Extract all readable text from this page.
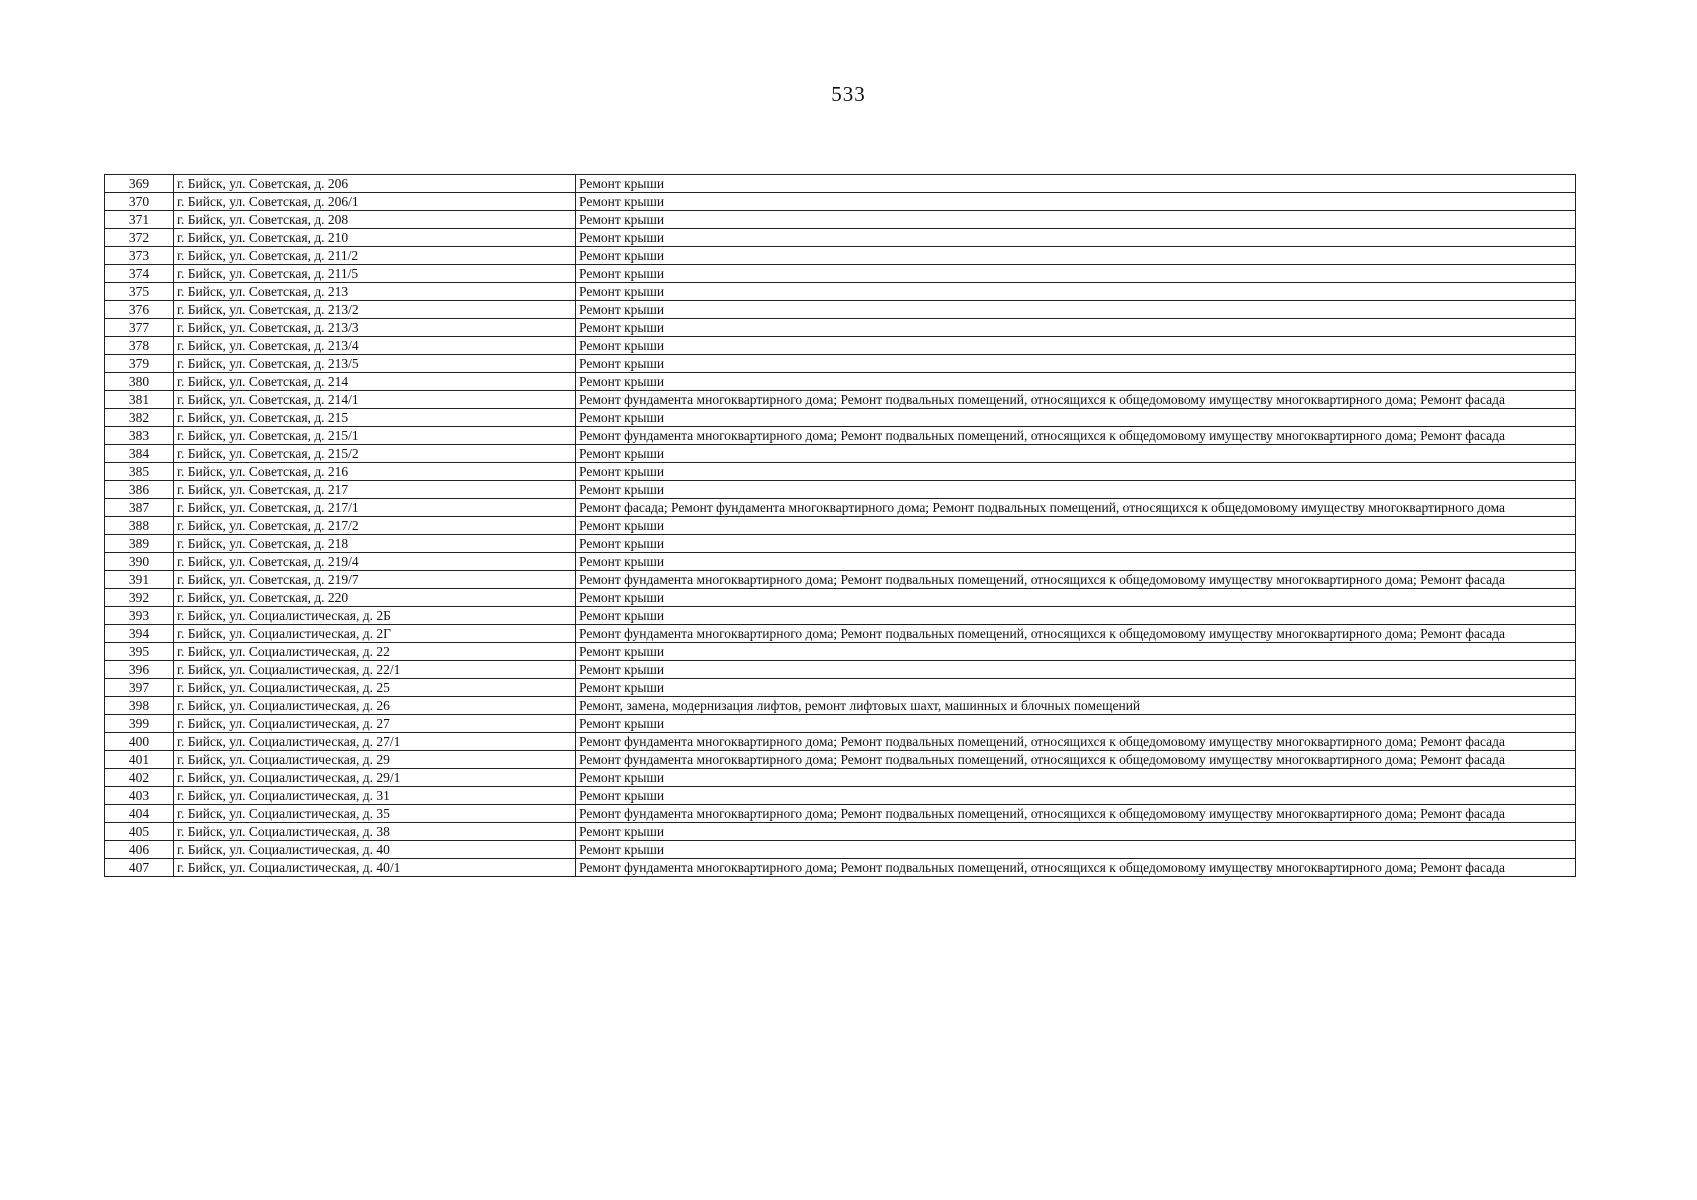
533
369	г. Бийск, ул. Советская, д. 206	Ремонт крыши
370	г. Бийск, ул. Советская, д. 206/1	Ремонт крыши
371	г. Бийск, ул. Советская, д. 208	Ремонт крыши
372	г. Бийск, ул. Советская, д. 210	Ремонт крыши
373	г. Бийск, ул. Советская, д. 211/2	Ремонт крыши
374	г. Бийск, ул. Советская, д. 211/5	Ремонт крыши
375	г. Бийск, ул. Советская, д. 213	Ремонт крыши
376	г. Бийск, ул. Советская, д. 213/2	Ремонт крыши
377	г. Бийск, ул. Советская, д. 213/3	Ремонт крыши
378	г. Бийск, ул. Советская, д. 213/4	Ремонт крыши
379	г. Бийск, ул. Советская, д. 213/5	Ремонт крыши
380	г. Бийск, ул. Советская, д. 214	Ремонт крыши
381	г. Бийск, ул. Советская, д. 214/1	Ремонт фундамента многоквартирного дома; Ремонт подвальных помещений, относящихся к общедомовому имуществу многоквартирного дома; Ремонт фасада
382	г. Бийск, ул. Советская, д. 215	Ремонт крыши
383	г. Бийск, ул. Советская, д. 215/1	Ремонт фундамента многоквартирного дома; Ремонт подвальных помещений, относящихся к общедомовому имуществу многоквартирного дома; Ремонт фасада
384	г. Бийск, ул. Советская, д. 215/2	Ремонт крыши
385	г. Бийск, ул. Советская, д. 216	Ремонт крыши
386	г. Бийск, ул. Советская, д. 217	Ремонт крыши
387	г. Бийск, ул. Советская, д. 217/1	Ремонт фасада; Ремонт фундамента многоквартирного дома; Ремонт подвальных помещений, относящихся к общедомовому имуществу многоквартирного дома
388	г. Бийск, ул. Советская, д. 217/2	Ремонт крыши
389	г. Бийск, ул. Советская, д. 218	Ремонт крыши
390	г. Бийск, ул. Советская, д. 219/4	Ремонт крыши
391	г. Бийск, ул. Советская, д. 219/7	Ремонт фундамента многоквартирного дома; Ремонт подвальных помещений, относящихся к общедомовому имуществу многоквартирного дома; Ремонт фасада
392	г. Бийск, ул. Советская, д. 220	Ремонт крыши
393	г. Бийск, ул. Социалистическая, д. 2Б	Ремонт крыши
394	г. Бийск, ул. Социалистическая, д. 2Г	Ремонт фундамента многоквартирного дома; Ремонт подвальных помещений, относящихся к общедомовому имуществу многоквартирного дома; Ремонт фасада
395	г. Бийск, ул. Социалистическая, д. 22	Ремонт крыши
396	г. Бийск, ул. Социалистическая, д. 22/1	Ремонт крыши
397	г. Бийск, ул. Социалистическая, д. 25	Ремонт крыши
398	г. Бийск, ул. Социалистическая, д. 26	Ремонт, замена, модернизация лифтов, ремонт лифтовых шахт, машинных и блочных помещений
399	г. Бийск, ул. Социалистическая, д. 27	Ремонт крыши
400	г. Бийск, ул. Социалистическая, д. 27/1	Ремонт фундамента многоквартирного дома; Ремонт подвальных помещений, относящихся к общедомовому имуществу многоквартирного дома; Ремонт фасада
401	г. Бийск, ул. Социалистическая, д. 29	Ремонт фундамента многоквартирного дома; Ремонт подвальных помещений, относящихся к общедомовому имуществу многоквартирного дома; Ремонт фасада
402	г. Бийск, ул. Социалистическая, д. 29/1	Ремонт крыши
403	г. Бийск, ул. Социалистическая, д. 31	Ремонт крыши
404	г. Бийск, ул. Социалистическая, д. 35	Ремонт фундамента многоквартирного дома; Ремонт подвальных помещений, относящихся к общедомовому имуществу многоквартирного дома; Ремонт фасада
405	г. Бийск, ул. Социалистическая, д. 38	Ремонт крыши
406	г. Бийск, ул. Социалистическая, д. 40	Ремонт крыши
407	г. Бийск, ул. Социалистическая, д. 40/1	Ремонт фундамента многоквартирного дома; Ремонт подвальных помещений, относящихся к общедомовому имуществу многоквартирного дома; Ремонт фасада
